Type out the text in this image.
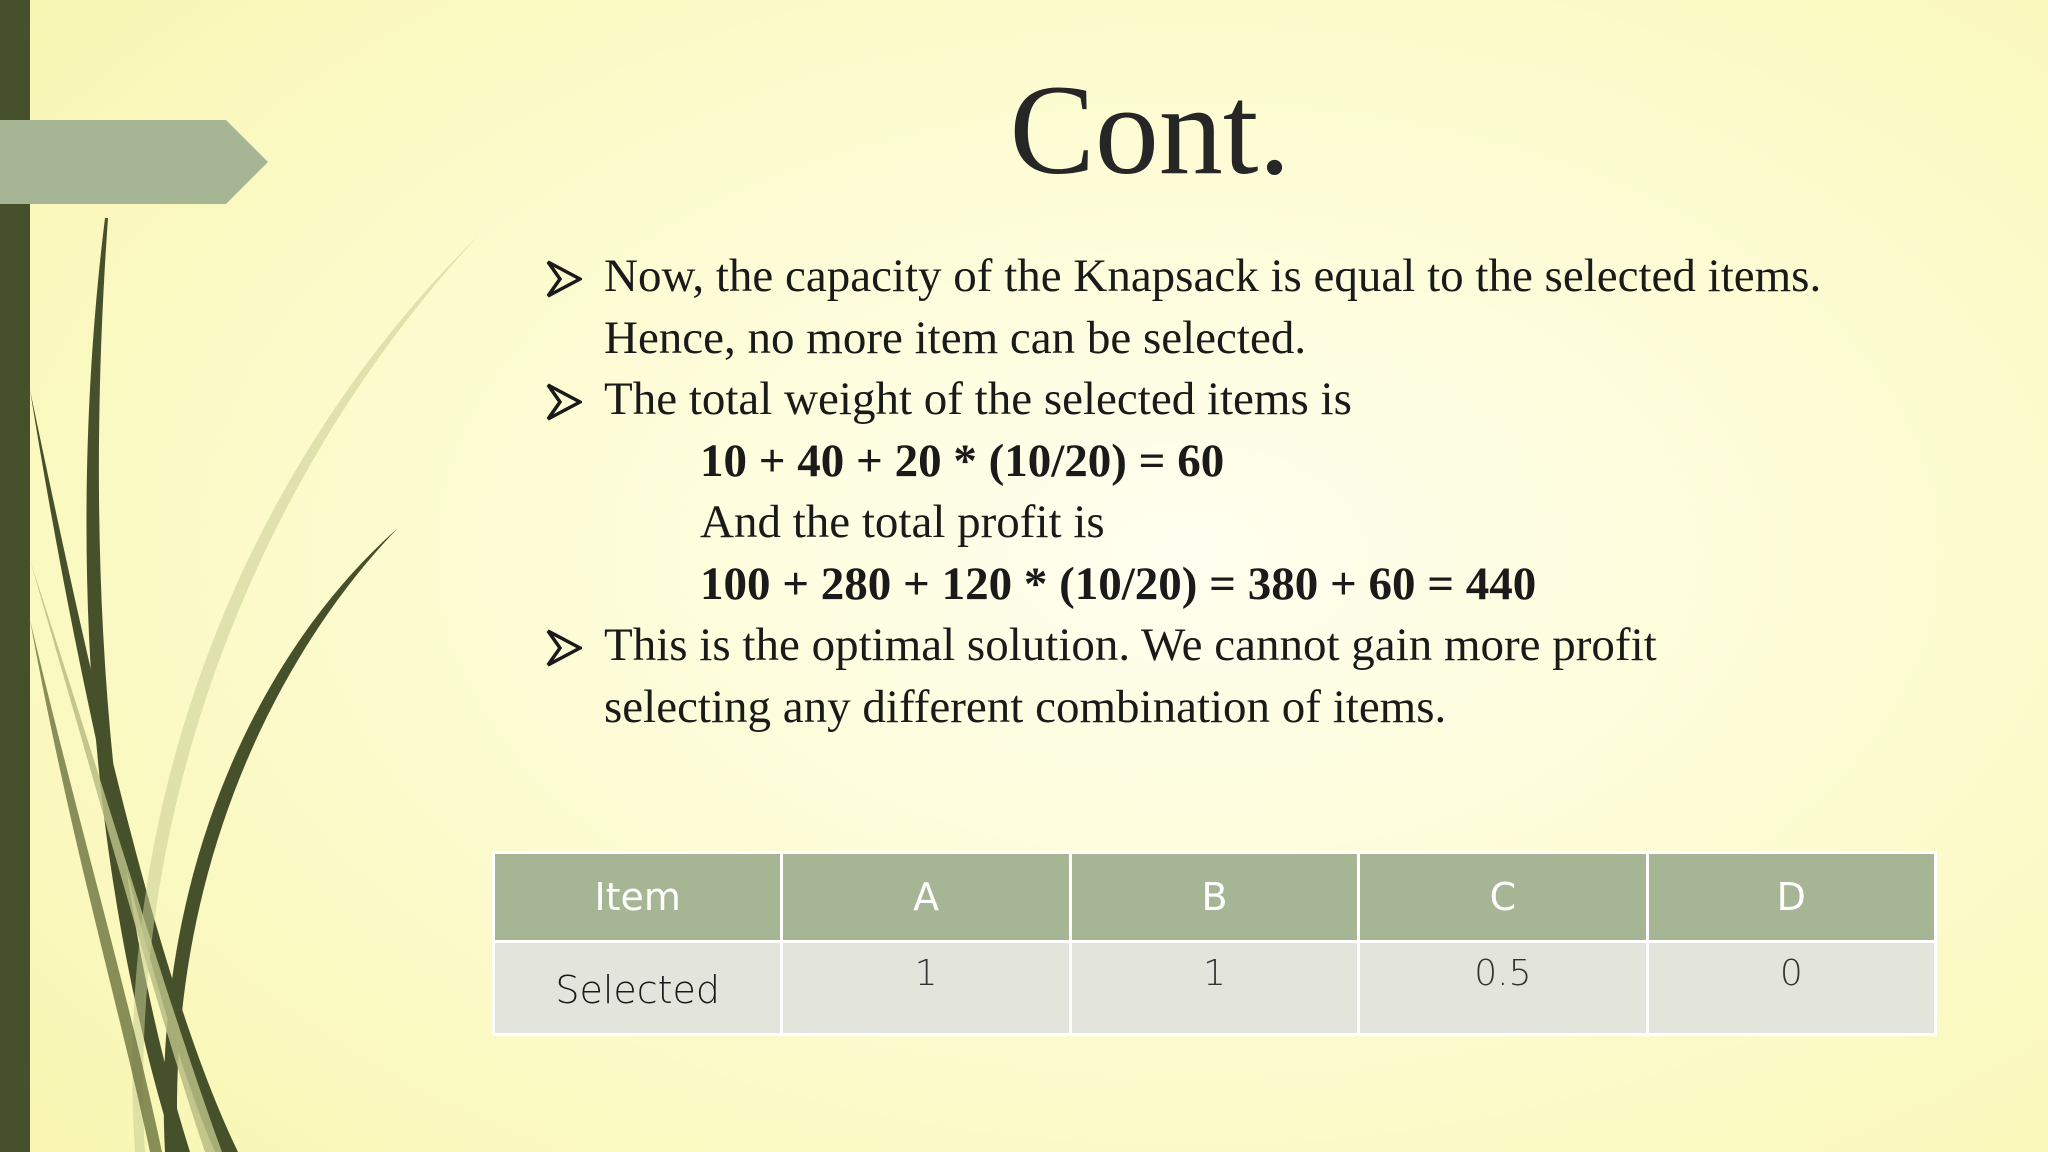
Cont.
Now, the capacity of the Knapsack is equal to the selected items.
Hence, no more item can be selected.
The total weight of the selected items is
10 + 40 + 20 * (10/20) = 60
And the total profit is
100 + 280 + 120 * (10/20) = 380 + 60 = 440
This is the optimal solution. We cannot gain more profit
selecting any different combination of items.
Item	A	B	C	D
Selected	1	1	0.5	0
